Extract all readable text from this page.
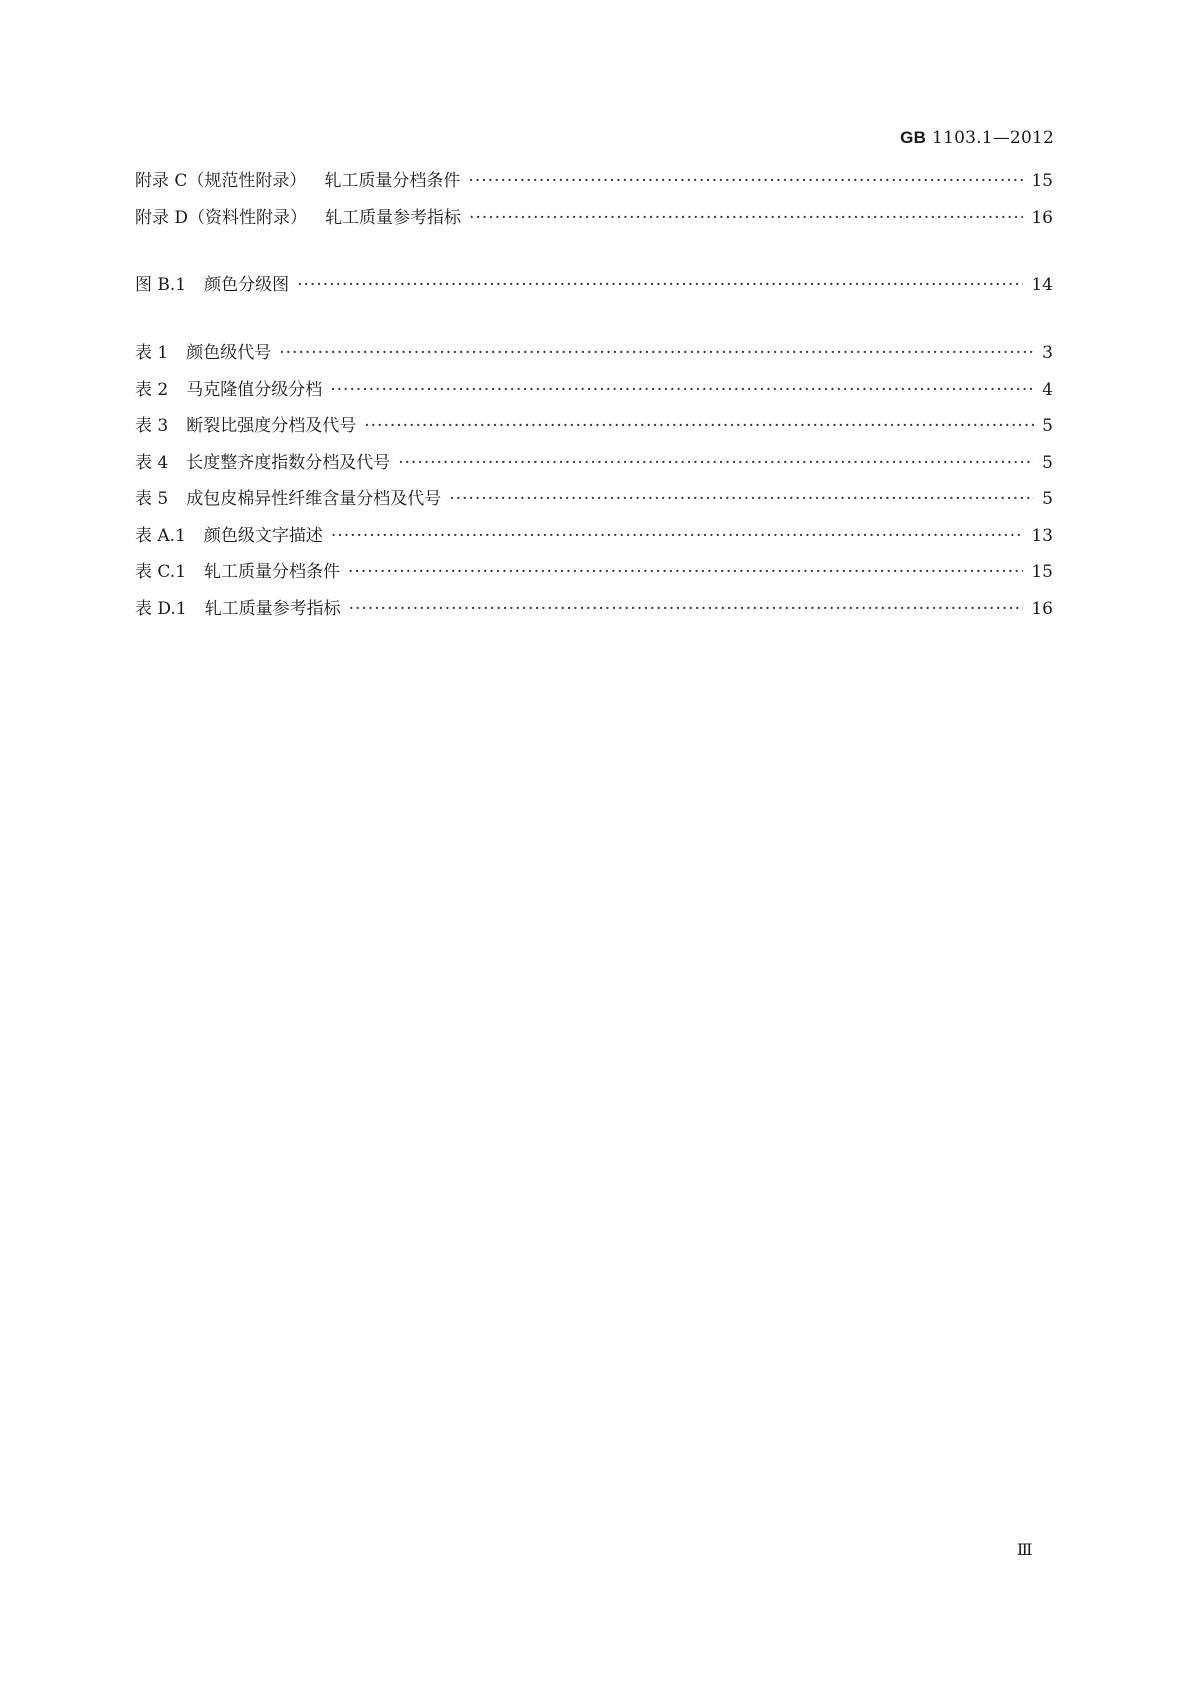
GB 1103.1—2012
附录 C（规范性附录） 轧工质量分档条件 ·····	15
附录 D（资料性附录） 轧工质量参考指标 ·····	16
图 B.1 颜色分级图 ·····	14
表 1 颜色级代号 ·····	3
表 2 马克隆值分级分档 ·····	4
表 3 断裂比强度分档及代号 ·····	5
表 4 长度整齐度指数分档及代号 ·····	5
表 5 成包皮棉异性纤维含量分档及代号 ·····	5
表 A.1 颜色级文字描述 ·····	13
表 C.1 轧工质量分档条件 ·····	15
表 D.1 轧工质量参考指标 ·····	16
Ⅲ
